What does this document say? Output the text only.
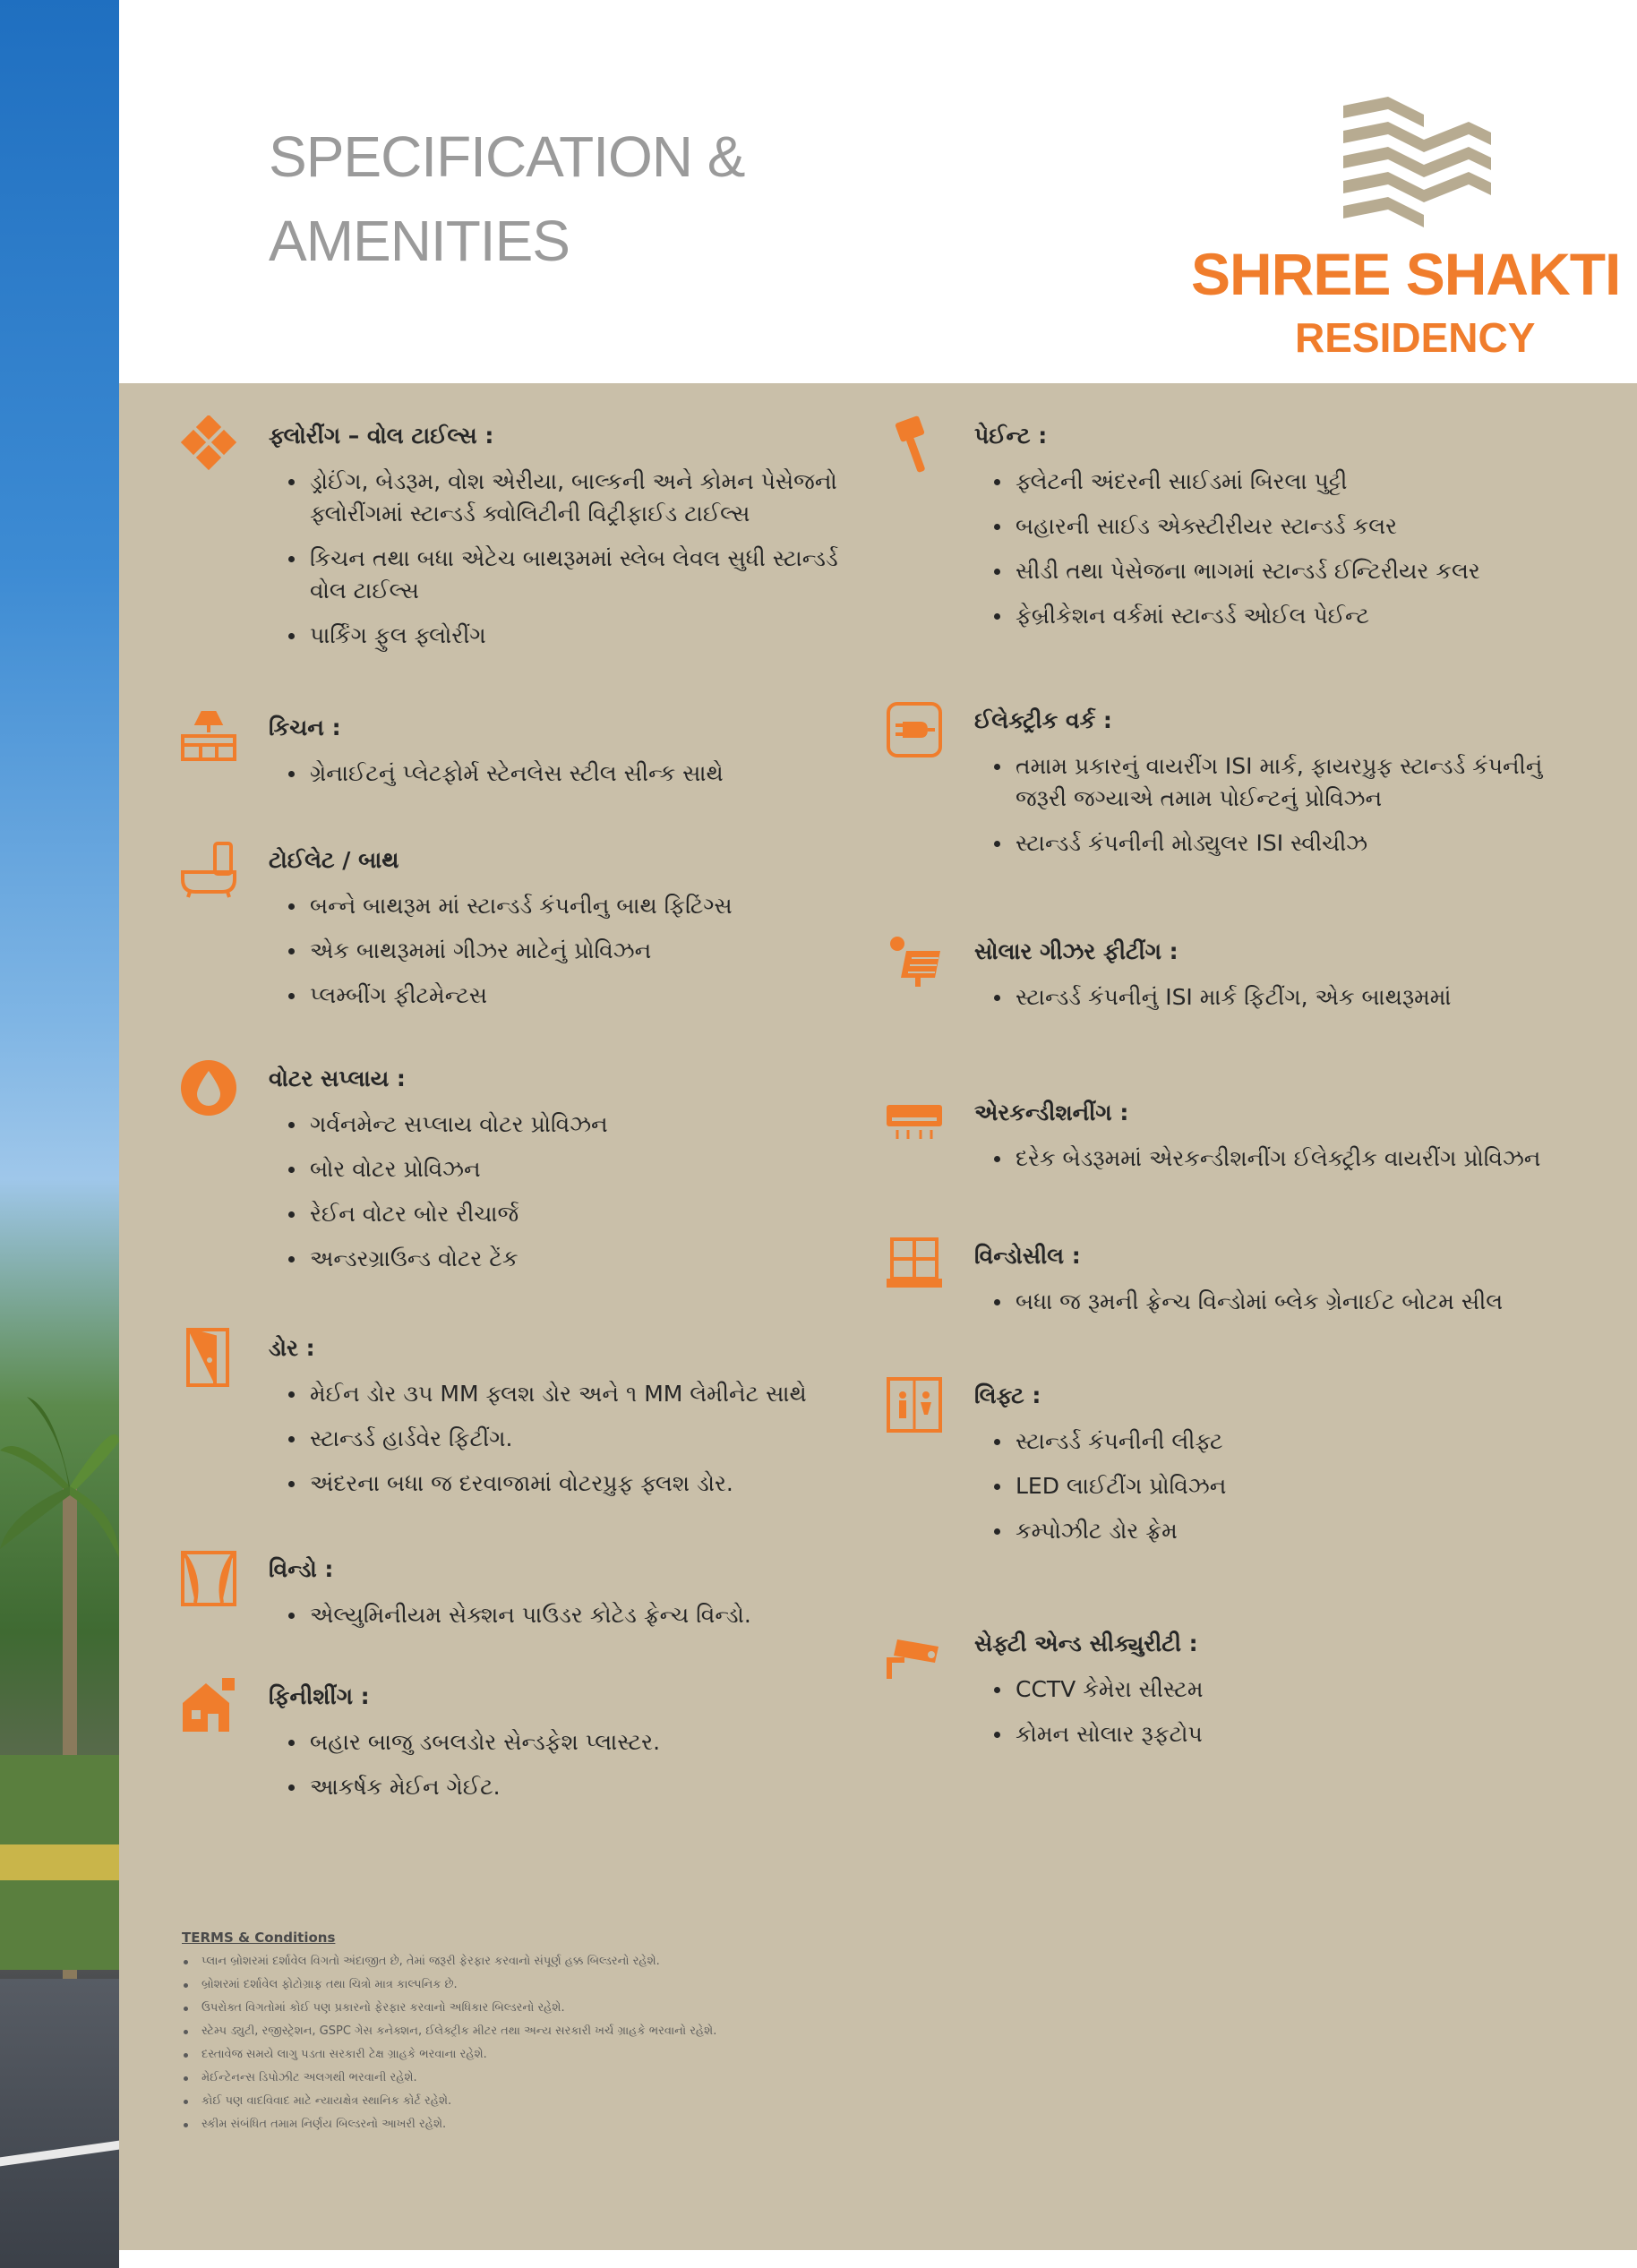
SPECIFICATION &
AMENITIES	SHREE SHAKTI
RESIDENCY
ફ્લોરીંગ – વોલ ટાઈલ્સ :
ડ્રોઈંગ, બેડરૂમ, વોશ એરીયા, બાલ્કની અને કોમન પેસેજનો ફ્લોરીંગમાં સ્ટાન્ડર્ડ ક્વોલિટીની વિટ્રીફાઈડ ટાઈલ્સ
કિચન તથા બધા એટેચ બાથરૂમમાં સ્લેબ લેવલ સુધી સ્ટાન્ડર્ડ વોલ ટાઈલ્સ
પાર્કિંગ ફુલ ફ્લોરીંગ
કિચન :
ગ્રેનાઈટનું પ્લેટફોર્મ સ્ટેનલેસ સ્ટીલ સીન્ક સાથે
ટોઈલેટ / બાથ
બન્ને બાથરૂમ માં સ્ટાન્ડર્ડ કંપનીનુ બાથ ફિટિંગ્સ
એક બાથરૂમમાં ગીઝર માટેનું પ્રોવિઝન
પ્લમ્બીંગ ફીટમેન્ટસ
વોટર સપ્લાય :
ગર્વનમેન્ટ સપ્લાય વોટર પ્રોવિઝન
બોર વોટર પ્રોવિઝન
રેઈન વોટર બોર રીચાર્જ
અન્ડરગ્રાઉન્ડ વોટર ટેંક
ડોર :
મેઈન ડોર ૩૫ MM ફ્લશ ડોર અને ૧ MM લેમીનેટ સાથે
સ્ટાન્ડર્ડ હાર્ડવેર ફિટીંગ.
અંદરના બધા જ દરવાજામાં વોટરપ્રુફ ફ્લશ ડોર.
વિન્ડો :
એલ્યુમિનીયમ સેક્શન પાઉડર કોટેડ ફ્રેન્ચ વિન્ડો.
ફિનીશીંગ :
બહાર બાજુ ડબલડોર સેન્ડફેશ પ્લાસ્ટર.
આકર્ષક મેઈન ગેઈટ.
પેઈન્ટ :
ફ્લેટની અંદરની સાઈડમાં બિરલા પુટ્ટી
બહારની સાઈડ એક્સ્ટીરીયર સ્ટાન્ડર્ડ કલર
સીડી તથા પેસેજના ભાગમાં સ્ટાન્ડર્ડ ઈન્ટિરીયર કલર
ફેબ્રીકેશન વર્કમાં સ્ટાન્ડર્ડ ઓઈલ પેઈન્ટ
ઈલેક્ટ્રીક વર્ક :
તમામ પ્રકારનું વાયરીંગ ISI માર્ક, ફાયરપ્રુફ સ્ટાન્ડર્ડ કંપનીનું જરૂરી જગ્યાએ તમામ પોઈન્ટનું પ્રોવિઝન
સ્ટાન્ડર્ડ કંપનીની મોડ્યુલર ISI સ્વીચીઝ
સોલાર ગીઝર ફીટીંગ :
સ્ટાન્ડર્ડ કંપનીનું ISI માર્ક ફિટીંગ, એક બાથરૂમમાં
એરકન્ડીશનીંગ :
દરેક બેડરૂમમાં એરકન્ડીશનીંગ ઈલેક્ટ્રીક વાયરીંગ પ્રોવિઝન
વિન્ડોસીલ :
બધા જ રૂમની ફ્રેન્ચ વિન્ડોમાં બ્લેક ગ્રેનાઈટ બોટમ સીલ
લિફ્ટ :
સ્ટાન્ડર્ડ કંપનીની લીફ્ટ
LED લાઈટીંગ પ્રોવિઝન
કમ્પોઝીટ ડોર ફ્રેમ
સેફ્ટી એન્ડ સીક્યુરીટી :
CCTV કેમેરા સીસ્ટમ
કોમન સોલાર રૂફટોપ
TERMS & Conditions
પ્લાન બ્રોશરમાં દર્શાવેલ વિગતો અંદાજીત છે, તેમાં જરૂરી ફેરફાર કરવાનો સંપૂર્ણ હક્ક બિલ્ડરનો રહેશે.
બ્રોશરમાં દર્શાવેલ ફોટોગ્રાફ તથા ચિત્રો માત્ર કાલ્પનિક છે.
ઉપરોક્ત વિગતોમાં કોઈ પણ પ્રકારનો ફેરફાર કરવાનો અધિકાર બિલ્ડરનો રહેશે.
સ્ટેમ્પ ડ્યુટી, રજીસ્ટ્રેશન, GSPC ગેસ કનેક્શન, ઈલેક્ટ્રીક મીટર તથા અન્ય સરકારી ખર્ચ ગ્રાહકે ભરવાનો રહેશે.
દસ્તાવેજ સમયે લાગુ પડતા સરકારી ટેક્ષ ગ્રાહકે ભરવાના રહેશે.
મેઈન્ટેનન્સ ડિપોઝીટ અલગથી ભરવાની રહેશે.
કોઈ પણ વાદવિવાદ માટે ન્યાયક્ષેત્ર સ્થાનિક કોર્ટ રહેશે.
સ્કીમ સંબંધિત તમામ નિર્ણય બિલ્ડરનો આખરી રહેશે.
